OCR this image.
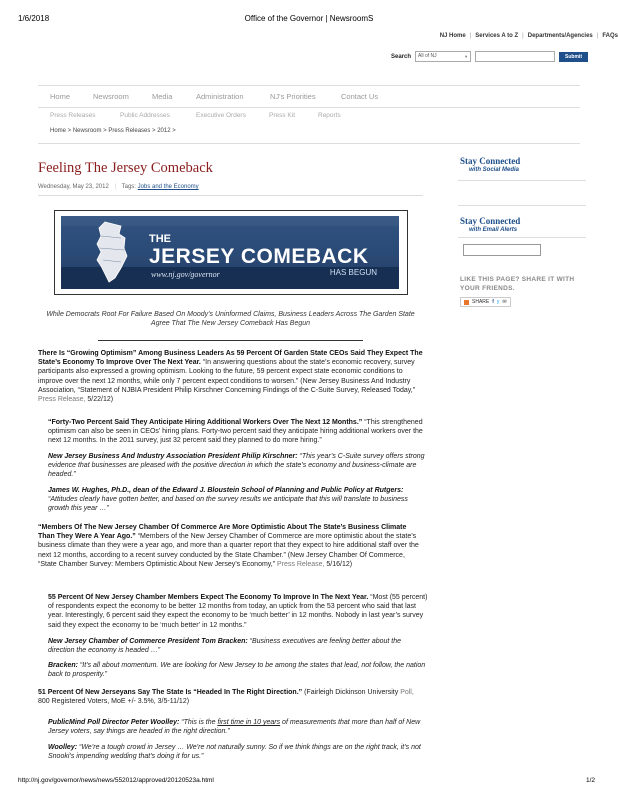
1/6/2018	Office of the Governor | NewsroomS
NJ Home | Services A to Z | Departments/Agencies | FAQs
Search	All of NJ ▼	Submit
Home	Newsroom	Media	Administration	NJ's Priorities	Contact Us
Press Releases	Public Addresses	Executive Orders	Press Kit	Reports
Home > Newsroom > Press Releases > 2012 >
Feeling The Jersey Comeback
Wednesday, May 23, 2012 | Tags: Jobs and the Economy
THE
JERSEY COMEBACK
www.nj.gov/governor	HAS BEGUN
While Democrats Root For Failure Based On Moody's Uninformed Claims, Business Leaders Across The Garden State Agree That The New Jersey Comeback Has Begun
There Is “Growing Optimism” Among Business Leaders As 59 Percent Of Garden State CEOs Said They Expect The State’s Economy To Improve Over The Next Year. “In answering questions about the state’s economic recovery, survey participants also expressed a growing optimism. Looking to the future, 59 percent expect state economic conditions to improve over the next 12 months, while only 7 percent expect conditions to worsen.” (New Jersey Business And Industry Association, “Statement of NJBIA President Philip Kirschner Concerning Findings of the C-Suite Survey, Released Today,” Press Release, 5/22/12)
“Forty-Two Percent Said They Anticipate Hiring Additional Workers Over The Next 12 Months.” “This strengthened optimism can also be seen in CEOs’ hiring plans. Forty-two percent said they anticipate hiring additional workers over the next 12 months. In the 2011 survey, just 32 percent said they planned to do more hiring.”
New Jersey Business And Industry Association President Philip Kirschner: “This year’s C-Suite survey offers strong evidence that businesses are pleased with the positive direction in which the state’s economy and business-climate are headed.”
James W. Hughes, Ph.D., dean of the Edward J. Bloustein School of Planning and Public Policy at Rutgers: “Attitudes clearly have gotten better, and based on the survey results we anticipate that this will translate to business growth this year …”
“Members Of The New Jersey Chamber Of Commerce Are More Optimistic About The State’s Business Climate Than They Were A Year Ago.” “Members of the New Jersey Chamber of Commerce are more optimistic about the state’s business climate than they were a year ago, and more than a quarter report that they expect to hire additional staff over the next 12 months, according to a recent survey conducted by the State Chamber.” (New Jersey Chamber Of Commerce, “State Chamber Survey: Members Optimistic About New Jersey’s Economy,” Press Release, 5/16/12)
55 Percent Of New Jersey Chamber Members Expect The Economy To Improve In The Next Year. “Most (55 percent) of respondents expect the economy to be better 12 months from today, an uptick from the 53 percent who said that last year. Interestingly, 6 percent said they expect the economy to be ‘much better’ in 12 months. Nobody in last year’s survey said they expect the economy to be ‘much better’ in 12 months.”
New Jersey Chamber of Commerce President Tom Bracken: “Business executives are feeling better about the direction the economy is headed …”
Bracken: “It’s all about momentum. We are looking for New Jersey to be among the states that lead, not follow, the nation back to prosperity.”
51 Percent Of New Jerseyans Say The State Is “Headed In The Right Direction.” (Fairleigh Dickinson University Poll, 800 Registered Voters, MoE +/- 3.5%, 3/5-11/12)
PublicMind Poll Director Peter Woolley: “This is the first time in 10 years of measurements that more than half of New Jersey voters, say things are headed in the right direction.”
Woolley: “We’re a tough crowd in Jersey … We’re not naturally sunny. So if we think things are on the right track, it’s not Snooki’s impending wedding that’s doing it for us.”
Stay Connected
with Social Media
Stay Connected
with Email Alerts
LIKE THIS PAGE? SHARE IT WITH YOUR FRIENDS.
SHARE f y ✉
http://nj.gov/governor/news/news/552012/approved/20120523a.html	1/2
